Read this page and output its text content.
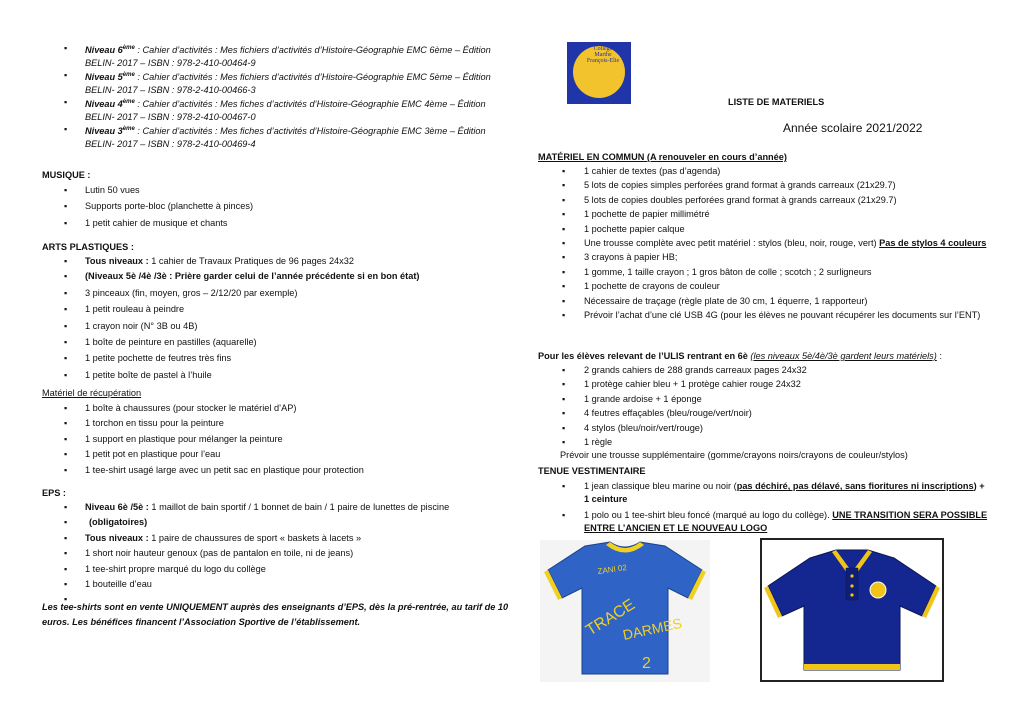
▪ Niveau 6ème : Cahier d’activités : Mes fichiers d’activités d’Histoire-Géographie EMC 6ème – Édition BELIN- 2017 – ISBN : 978-2-410-00464-9
▪ Niveau 5ème : Cahier d’activités : Mes fichiers d’activités d’Histoire-Géographie EMC 5ème – Édition BELIN- 2017 – ISBN : 978-2-410-00466-3
▪ Niveau 4ème : Cahier d’activités : Mes fiches d’activités d’Histoire-Géographie EMC 4ème – Édition BELIN- 2017 – ISBN : 978-2-410-00467-0
▪ Niveau 3ème : Cahier d’activités : Mes fiches d’activités d’Histoire-Géographie EMC 3ème – Édition BELIN- 2017 – ISBN : 978-2-410-00469-4
MUSIQUE :
▪ Lutin 50 vues
▪ Supports porte-bloc (planchette à pinces)
▪ 1 petit cahier de musique et chants
ARTS PLASTIQUES :
▪ Tous niveaux : 1 cahier de Travaux Pratiques de 96 pages 24x32
▪ (Niveaux 5è /4è /3è : Prière garder celui de l’année précédente si en bon état)
▪ 3 pinceaux (fin, moyen, gros – 2/12/20 par exemple)
▪ 1 petit rouleau à peindre
▪ 1 crayon noir (N° 3B ou 4B)
▪ 1 boîte de peinture en pastilles (aquarelle)
▪ 1 petite pochette de feutres très fins
▪ 1 petite boîte de pastel à l’huile
Matériel de récupération
▪ 1 boîte à chaussures (pour stocker le matériel d’AP)
▪ 1 torchon en tissu pour la peinture
▪ 1 support en plastique pour mélanger la peinture
▪ 1 petit pot en plastique pour l’eau
▪ 1 tee-shirt usagé large avec un petit sac en plastique pour protection
EPS :
▪ Niveau 6è /5è : 1 maillot de bain sportif / 1 bonnet de bain / 1 paire de lunettes de piscine
▪ (obligatoires)
▪ Tous niveaux : 1 paire de chaussures de sport « baskets à lacets »
▪ 1 short noir hauteur genoux (pas de pantalon en toile, ni de jeans)
▪ 1 tee-shirt propre marqué du logo du collège
▪ 1 bouteille d’eau
▪
Les tee-shirts sont en vente UNIQUEMENT auprès des enseignants d’EPS, dès la pré-rentrée, au tarif de 10 euros. Les bénéfices financent l’Association Sportive de l’établissement.
Collège
Marthe
François-Elie
LISTE DE MATERIELS
Année scolaire 2021/2022
MATÉRIEL EN COMMUN (A renouveler en cours d’année)
▪ 1 cahier de textes (pas d’agenda)
▪ 5 lots de copies simples perforées grand format à grands carreaux (21x29.7)
▪ 5 lots de copies doubles perforées grand format à grands carreaux (21x29.7)
▪ 1 pochette de papier millimétré
▪ 1 pochette papier calque
▪ Une trousse complète avec petit matériel : stylos (bleu, noir, rouge, vert) Pas de stylos 4 couleurs
▪ 3 crayons à papier HB;
▪ 1 gomme, 1 taille crayon ; 1 gros bâton de colle ; scotch ; 2 surligneurs
▪ 1 pochette de crayons de couleur
▪ Nécessaire de traçage (règle plate de 30 cm, 1 équerre, 1 rapporteur)
▪ Prévoir l’achat d’une clé USB 4G (pour les élèves ne pouvant récupérer les documents sur l’ENT)
Pour les élèves relevant de l’ULIS rentrant en 6è (les niveaux 5è/4è/3è gardent leurs matériels) :
▪ 2 grands cahiers de 288 grands carreaux pages 24x32
▪ 1 protège cahier bleu + 1 protège cahier rouge 24x32
▪ 1 grande ardoise + 1 éponge
▪ 4 feutres effaçables (bleu/rouge/vert/noir)
▪ 4 stylos (bleu/noir/vert/rouge)
▪ 1 règle
Prévoir une trousse supplémentaire (gomme/crayons noirs/crayons de couleur/stylos)
TENUE VESTIMENTAIRE
▪ 1 jean classique bleu marine ou noir (pas déchiré, pas délavé, sans fioritures ni inscriptions) + 1 ceinture
▪ 1 polo ou 1 tee-shirt bleu foncé (marqué au logo du collège). UNE TRANSITION SERA POSSIBLE ENTRE L’ANCIEN ET LE NOUVEAU LOGO
ZANI 02
TRACE
DARMES
2
